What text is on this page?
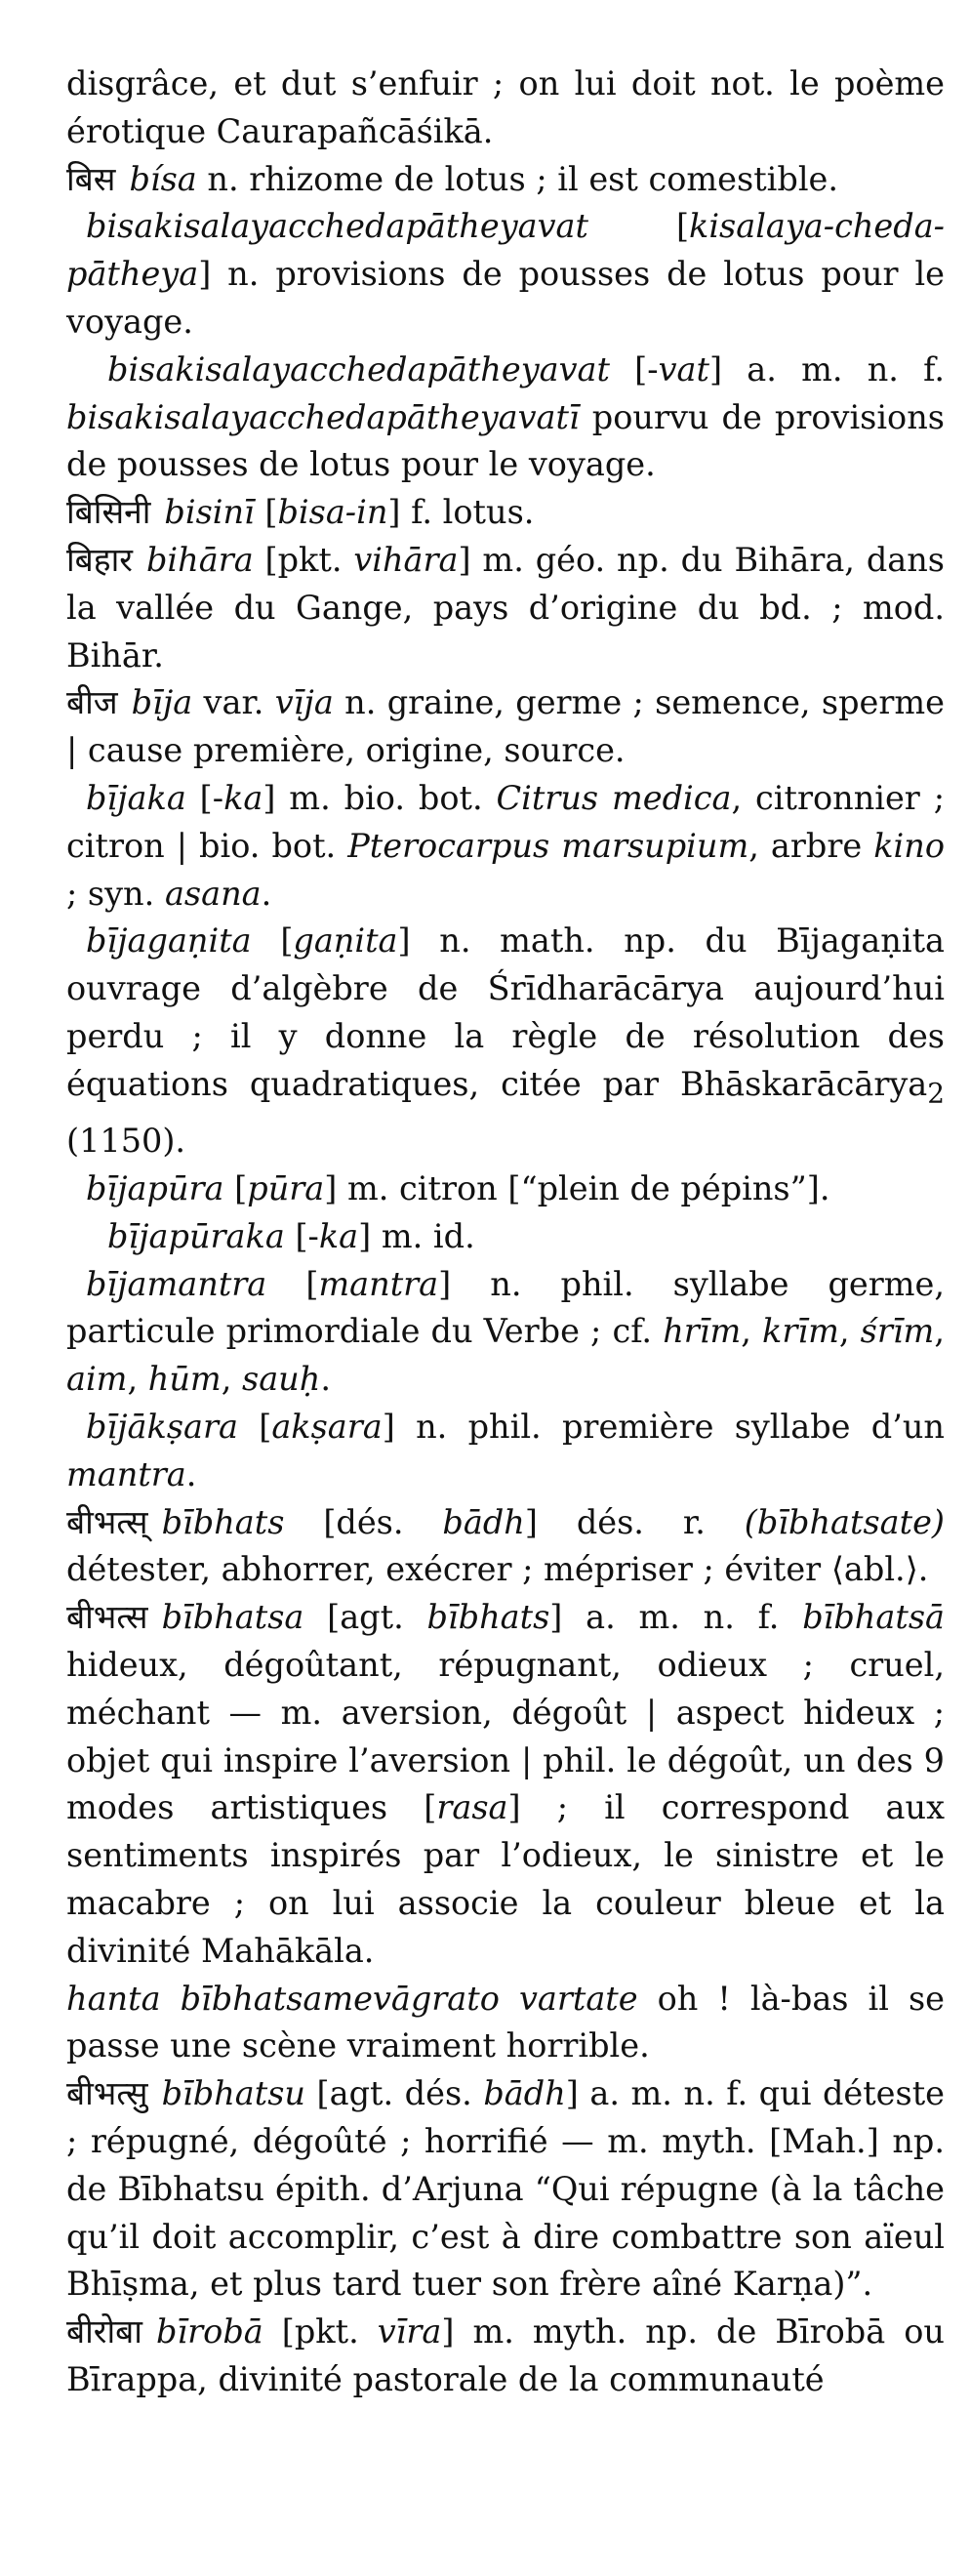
disgrâce, et dut s’enfuir ; on lui doit not. le poème érotique Caurapañcāśikā.

बिस bísa n. rhizome de lotus ; il est comestible.

bisakisalayacchedapātheyavat [kisalaya-cheda-pātheya] n. provisions de pousses de lotus pour le voyage.

bisakisalayacchedapātheyavat [-vat] a. m. n. f. bisakisalayacchedapātheyavatī pourvu de provisions de pousses de lotus pour le voyage.

बिसिनी bisinī [bisa-in] f. lotus.

बिहार bihāra [pkt. vihāra] m. géo. np. du Bihāra, dans la vallée du Gange, pays d’origine du bd. ; mod. Bihār.

बीज bīja var. vīja n. graine, germe ; semence, sperme | cause première, origine, source.

bījaka [-ka] m. bio. bot. Citrus medica, citronnier ; citron | bio. bot. Pterocarpus marsupium, arbre kino ; syn. asana.

bījagaṇita [gaṇita] n. math. np. du Bījagaṇita ouvrage d’algèbre de Śrīdharācārya aujourd’hui perdu ; il y donne la règle de résolution des équations quadratiques, citée par Bhāskarācārya$_2$ (1150).

bījapūra [pūra] m. citron [“plein de pépins”].

bījapūraka [-ka] m. id.

bījamantra [mantra] n. phil. syllabe germe, particule primordiale du Verbe ; cf. hrīm, krīm, śrīm, aim, hūm, sauḥ.

bījākṣara [akṣara] n. phil. première syllabe d’un mantra.

बीभत्स् bībhats [dés. bādh] dés. r. (bībhatsate) détester, abhorrer, exécrer ; mépriser ; éviter ⟨abl.⟩.

बीभत्स bībhatsa [agt. bībhats] a. m. n. f. bībhatsā hideux, dégoûtant, répugnant, odieux ; cruel, méchant — m. aversion, dégoût | aspect hideux ; objet qui inspire l’aversion | phil. le dégoût, un des 9 modes artistiques [rasa] ; il correspond aux sentiments inspirés par l’odieux, le sinistre et le macabre ; on lui associe la couleur bleue et la divinité Mahākāla.

hanta bībhatsamevāgrato vartate oh ! là-bas il se passe une scène vraiment horrible.

बीभत्सु bībhatsu [agt. dés. bādh] a. m. n. f. qui déteste ; répugné, dégoûté ; horrifié — m. myth. [Mah.] np. de Bībhatsu épith. d’Arjuna “Qui répugne (à la tâche qu’il doit accomplir, c’est à dire combattre son aïeul Bhīṣma, et plus tard tuer son frère aîné Karṇa)”.

बीरोबा bīrobā [pkt. vīra] m. myth. np. de Bīrobā ou Bīrappa, divinité pastorale de la communauté
